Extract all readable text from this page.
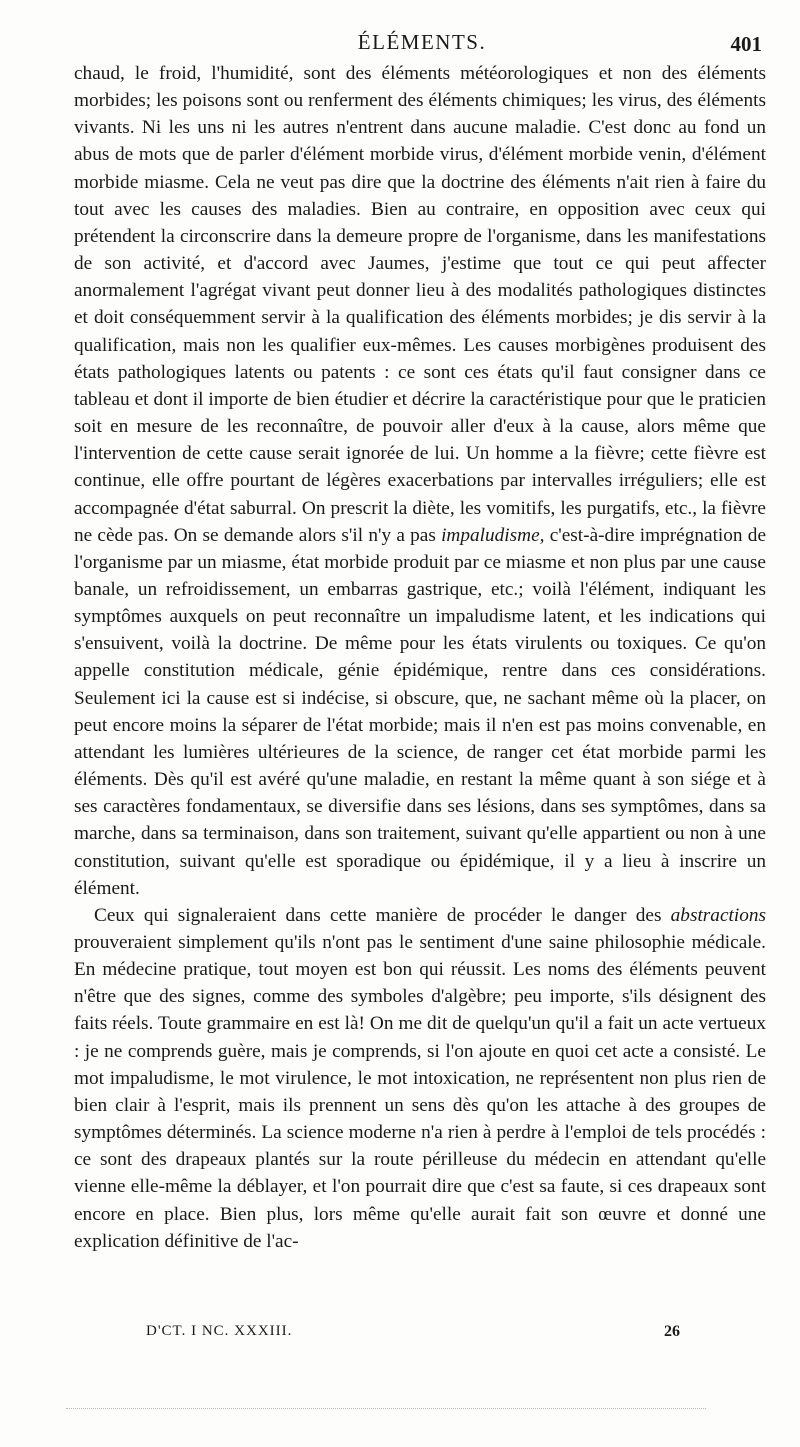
ÉLÉMENTS.	401

chaud, le froid, l'humidité, sont des éléments météorologiques et non des éléments morbides; les poisons sont ou renferment des éléments chimiques; les virus, des éléments vivants. Ni les uns ni les autres n'entrent dans aucune maladie. C'est donc au fond un abus de mots que de parler d'élément morbide virus, d'élément morbide venin, d'élément morbide miasme. Cela ne veut pas dire que la doctrine des éléments n'ait rien à faire du tout avec les causes des maladies. Bien au contraire, en opposition avec ceux qui prétendent la circonscrire dans la demeure propre de l'organisme, dans les manifestations de son activité, et d'accord avec Jaumes, j'estime que tout ce qui peut affecter anormalement l'agrégat vivant peut donner lieu à des modalités pathologiques distinctes et doit conséquemment servir à la qualification des éléments morbides; je dis servir à la qualification, mais non les qualifier eux-mêmes. Les causes morbigènes produisent des états pathologiques latents ou patents : ce sont ces états qu'il faut consigner dans ce tableau et dont il importe de bien étudier et décrire la caractéristique pour que le praticien soit en mesure de les reconnaître, de pouvoir aller d'eux à la cause, alors même que l'intervention de cette cause serait ignorée de lui. Un homme a la fièvre; cette fièvre est continue, elle offre pourtant de légères exacerbations par intervalles irréguliers; elle est accompagnée d'état saburral. On prescrit la diète, les vomitifs, les purgatifs, etc., la fièvre ne cède pas. On se demande alors s'il n'y a pas impaludisme, c'est-à-dire imprégnation de l'organisme par un miasme, état morbide produit par ce miasme et non plus par une cause banale, un refroidissement, un embarras gastrique, etc.; voilà l'élément, indiquant les symptômes auxquels on peut reconnaître un impaludisme latent, et les indications qui s'ensuivent, voilà la doctrine. De même pour les états virulents ou toxiques. Ce qu'on appelle constitution médicale, génie épidémique, rentre dans ces considérations. Seulement ici la cause est si indécise, si obscure, que, ne sachant même où la placer, on peut encore moins la séparer de l'état morbide; mais il n'en est pas moins convenable, en attendant les lumières ultérieures de la science, de ranger cet état morbide parmi les éléments. Dès qu'il est avéré qu'une maladie, en restant la même quant à son siége et à ses caractères fondamentaux, se diversifie dans ses lésions, dans ses symptômes, dans sa marche, dans sa terminaison, dans son traitement, suivant qu'elle appartient ou non à une constitution, suivant qu'elle est sporadique ou épidémique, il y a lieu à inscrire un élément.

Ceux qui signaleraient dans cette manière de procéder le danger des abstractions prouveraient simplement qu'ils n'ont pas le sentiment d'une saine philosophie médicale. En médecine pratique, tout moyen est bon qui réussit. Les noms des éléments peuvent n'être que des signes, comme des symboles d'algèbre; peu importe, s'ils désignent des faits réels. Toute grammaire en est là! On me dit de quelqu'un qu'il a fait un acte vertueux : je ne comprends guère, mais je comprends, si l'on ajoute en quoi cet acte a consisté. Le mot impaludisme, le mot virulence, le mot intoxication, ne représentent non plus rien de bien clair à l'esprit, mais ils prennent un sens dès qu'on les attache à des groupes de symptômes déterminés. La science moderne n'a rien à perdre à l'emploi de tels procédés : ce sont des drapeaux plantés sur la route périlleuse du médecin en attendant qu'elle vienne elle-même la déblayer, et l'on pourrait dire que c'est sa faute, si ces drapeaux sont encore en place. Bien plus, lors même qu'elle aurait fait son œuvre et donné une explication définitive de l'ac-

D'CT. I NC. XXXIII.	26
